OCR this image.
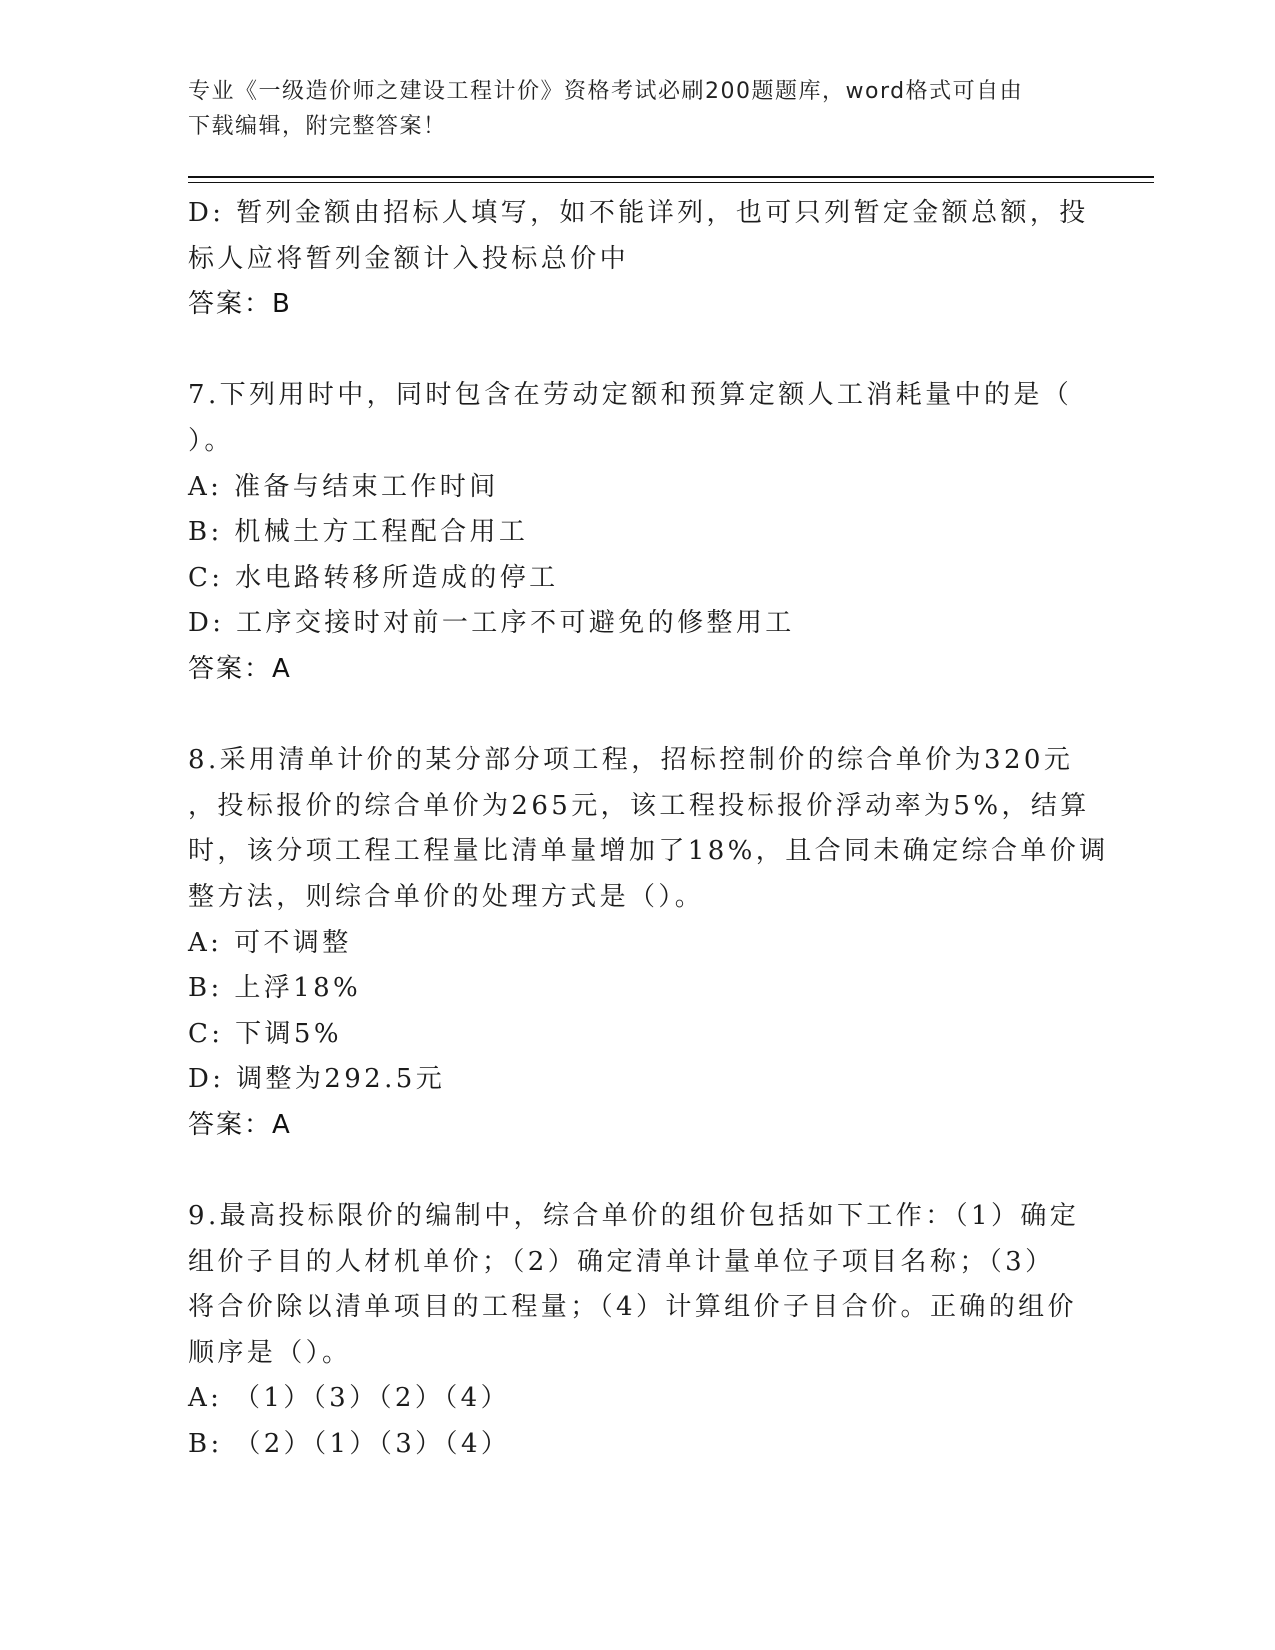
专业《一级造价师之建设工程计价》资格考试必刷200题题库，word格式可自由
下载编辑，附完整答案！
D: 暂列金额由招标人填写，如不能详列，也可只列暂定金额总额，投
标人应将暂列金额计入投标总价中
答案：B
7.下列用时中，同时包含在劳动定额和预算定额人工消耗量中的是（
）。
A: 准备与结束工作时间
B: 机械土方工程配合用工
C: 水电路转移所造成的停工
D: 工序交接时对前一工序不可避免的修整用工
答案：A
8.采用清单计价的某分部分项工程，招标控制价的综合单价为320元
，投标报价的综合单价为265元，该工程投标报价浮动率为5%，结算
时，该分项工程工程量比清单量增加了18%，且合同未确定综合单价调
整方法，则综合单价的处理方式是（）。
A: 可不调整
B: 上浮18%
C: 下调5%
D: 调整为292.5元
答案：A
9.最高投标限价的编制中，综合单价的组价包括如下工作：（1）确定
组价子目的人材机单价；（2）确定清单计量单位子项目名称；（3）
将合价除以清单项目的工程量；（4）计算组价子目合价。正确的组价
顺序是（）。
A: （1）（3）（2）（4）
B: （2）（1）（3）（4）
